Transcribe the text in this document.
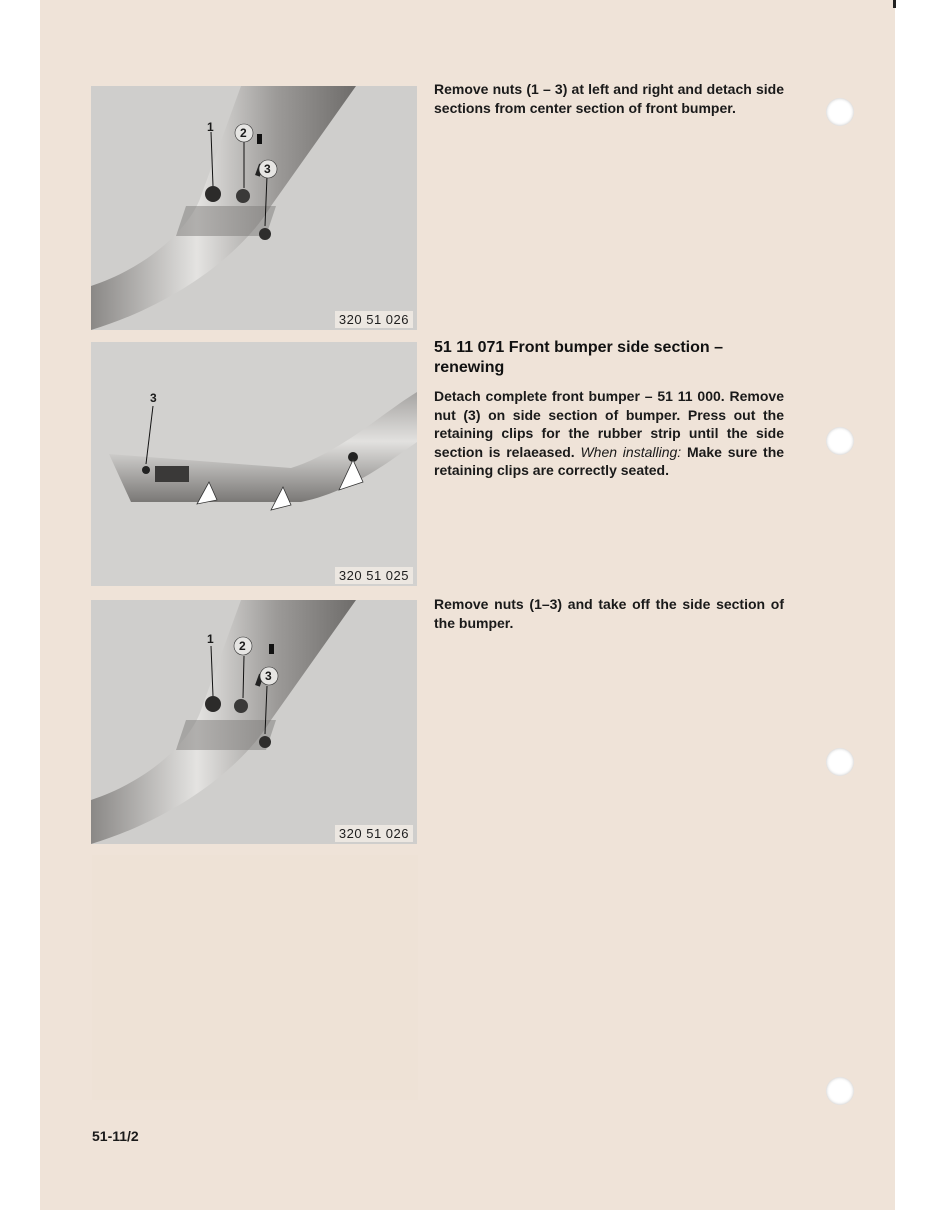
1 2
3
320 51 026
3
320 51 025
1 2
3
320 51 026
Remove nuts (1 – 3) at left and right and detach side sections from center section of front bumper.
51 11 071 Front bumper side section – renewing
Detach complete front bumper – 51 11 000. Remove nut (3) on side section of bumper. Press out the retaining clips for the rubber strip until the side section is relaeased. When installing: Make sure the retaining clips are correctly seated.
Remove nuts (1–3) and take off the side section of the bumper.
51-11/2
